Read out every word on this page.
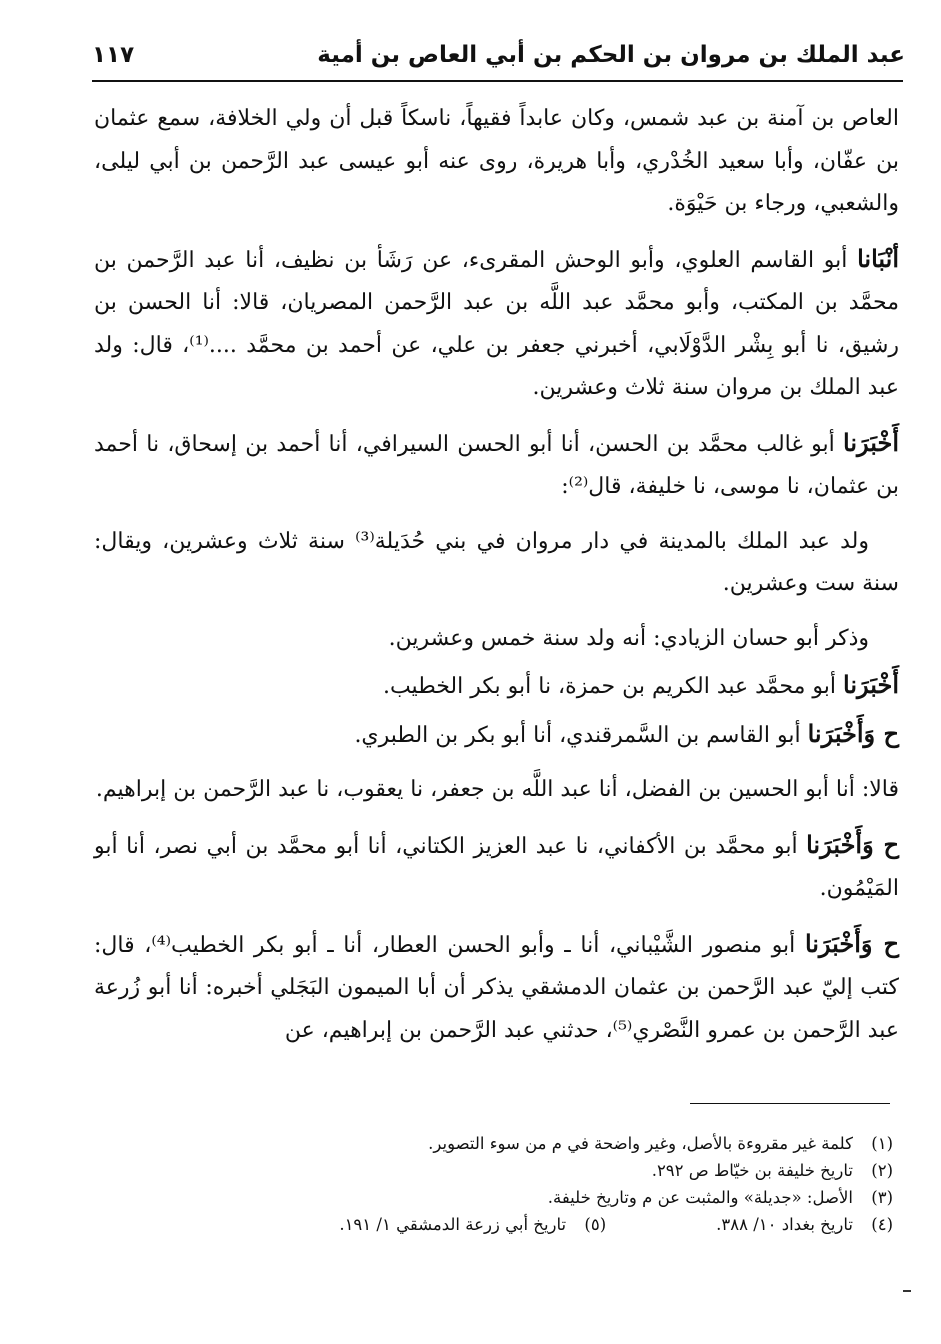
عبد الملك بن مروان بن الحكم بن أبي العاص بن أمية
١١٧

العاص بن آمنة بن عبد شمس، وكان عابداً فقيهاً، ناسكاً قبل أن ولي الخلافة، سمع عثمان بن عفّان، وأبا سعيد الخُدْري، وأبا هريرة، روى عنه أبو عيسى عبد الرَّحمن بن أبي ليلى، والشعبي، ورجاء بن حَيْوَة.

أنْبَانا أبو القاسم العلوي، وأبو الوحش المقرىء، عن رَشَأ بن نظيف، أنا عبد الرَّحمن بن محمَّد بن المكتب، وأبو محمَّد عبد اللَّه بن عبد الرَّحمن المصريان، قالا: أنا الحسن بن رشيق، نا أبو بِشْر الدَّوْلَابي، أخبرني جعفر بن علي، عن أحمد بن محمَّد ....⁽¹⁾، قال: ولد عبد الملك بن مروان سنة ثلاث وعشرين.

أَخْبَرَنا أبو غالب محمَّد بن الحسن، أنا أبو الحسن السيرافي، أنا أحمد بن إسحاق، نا أحمد بن عثمان، نا موسى، نا خليفة، قال⁽²⁾:

ولد عبد الملك بالمدينة في دار مروان في بني حُدَيلة⁽³⁾ سنة ثلاث وعشرين، ويقال: سنة ست وعشرين.

وذكر أبو حسان الزيادي: أنه ولد سنة خمس وعشرين.

أَخْبَرَنا أبو محمَّد عبد الكريم بن حمزة، نا أبو بكر الخطيب.

ح وَأَخْبَرَنا أبو القاسم بن السَّمرقندي، أنا أبو بكر بن الطبري.

قالا: أنا أبو الحسين بن الفضل، أنا عبد اللَّه بن جعفر، نا يعقوب، نا عبد الرَّحمن بن إبراهيم.

ح وَأَخْبَرَنا أبو محمَّد بن الأكفاني، نا عبد العزيز الكتاني، أنا أبو محمَّد بن أبي نصر، أنا أبو المَيْمُون.

ح وَأَخْبَرَنا أبو منصور الشَّيْباني، أنا ـ وأبو الحسن العطار، أنا ـ أبو بكر الخطيب⁽⁴⁾، قال: كتب إليّ عبد الرَّحمن بن عثمان الدمشقي يذكر أن أبا الميمون البَجَلي أخبره: أنا أبو زُرعة عبد الرَّحمن بن عمرو النَّصْري⁽⁵⁾، حدثني عبد الرَّحمن بن إبراهيم، عن

(١)
كلمة غير مقروءة بالأصل، وغير واضحة في م من سوء التصوير.
(٢)
تاريخ خليفة بن خيّاط ص ٢٩٢.
(٣)
الأصل: «جديلة» والمثبت عن م وتاريخ خليفة.
(٤)
تاريخ بغداد ١٠/ ٣٨٨.
(٥)
تاريخ أبي زرعة الدمشقي ١/ ١٩١.
